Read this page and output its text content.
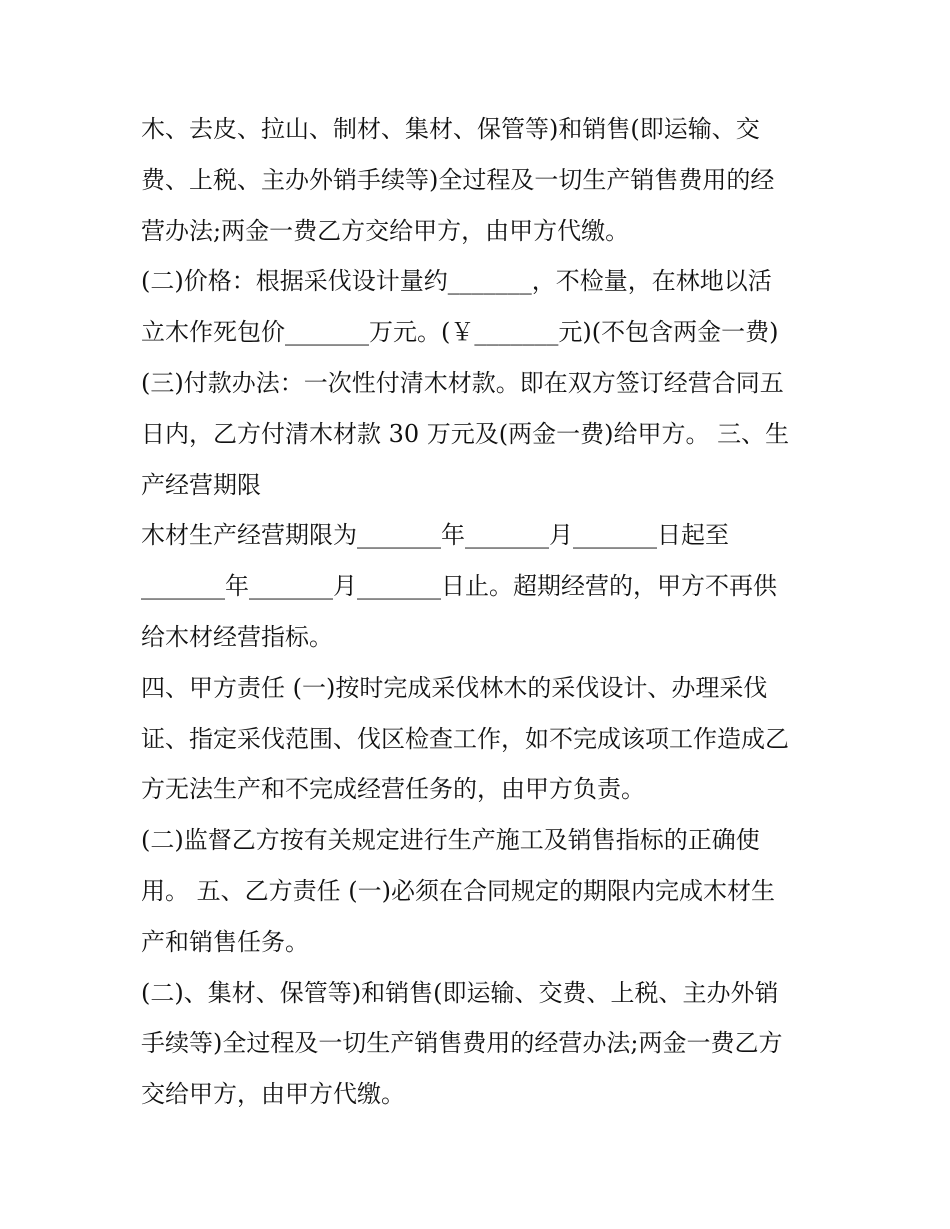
木、去皮、拉山、制材、集材、保管等)和销售(即运输、交
费、上税、主办外销手续等)全过程及一切生产销售费用的经
营办法;两金一费乙方交给甲方，由甲方代缴。
(二)价格：根据采伐设计量约_______，不检量，在林地以活
立木作死包价_______万元。(￥_______元)(不包含两金一费)
(三)付款办法：一次性付清木材款。即在双方签订经营合同五
日内，乙方付清木材款 30 万元及(两金一费)给甲方。 三、生
产经营期限
木材生产经营期限为_______年_______月_______日起至
_______年_______月_______日止。超期经营的，甲方不再供
给木材经营指标。
四、甲方责任 (一)按时完成采伐林木的采伐设计、办理采伐
证、指定采伐范围、伐区检查工作，如不完成该项工作造成乙
方无法生产和不完成经营任务的，由甲方负责。
(二)监督乙方按有关规定进行生产施工及销售指标的正确使
用。 五、乙方责任 (一)必须在合同规定的期限内完成木材生
产和销售任务。
(二)、集材、保管等)和销售(即运输、交费、上税、主办外销
手续等)全过程及一切生产销售费用的经营办法;两金一费乙方
交给甲方，由甲方代缴。
